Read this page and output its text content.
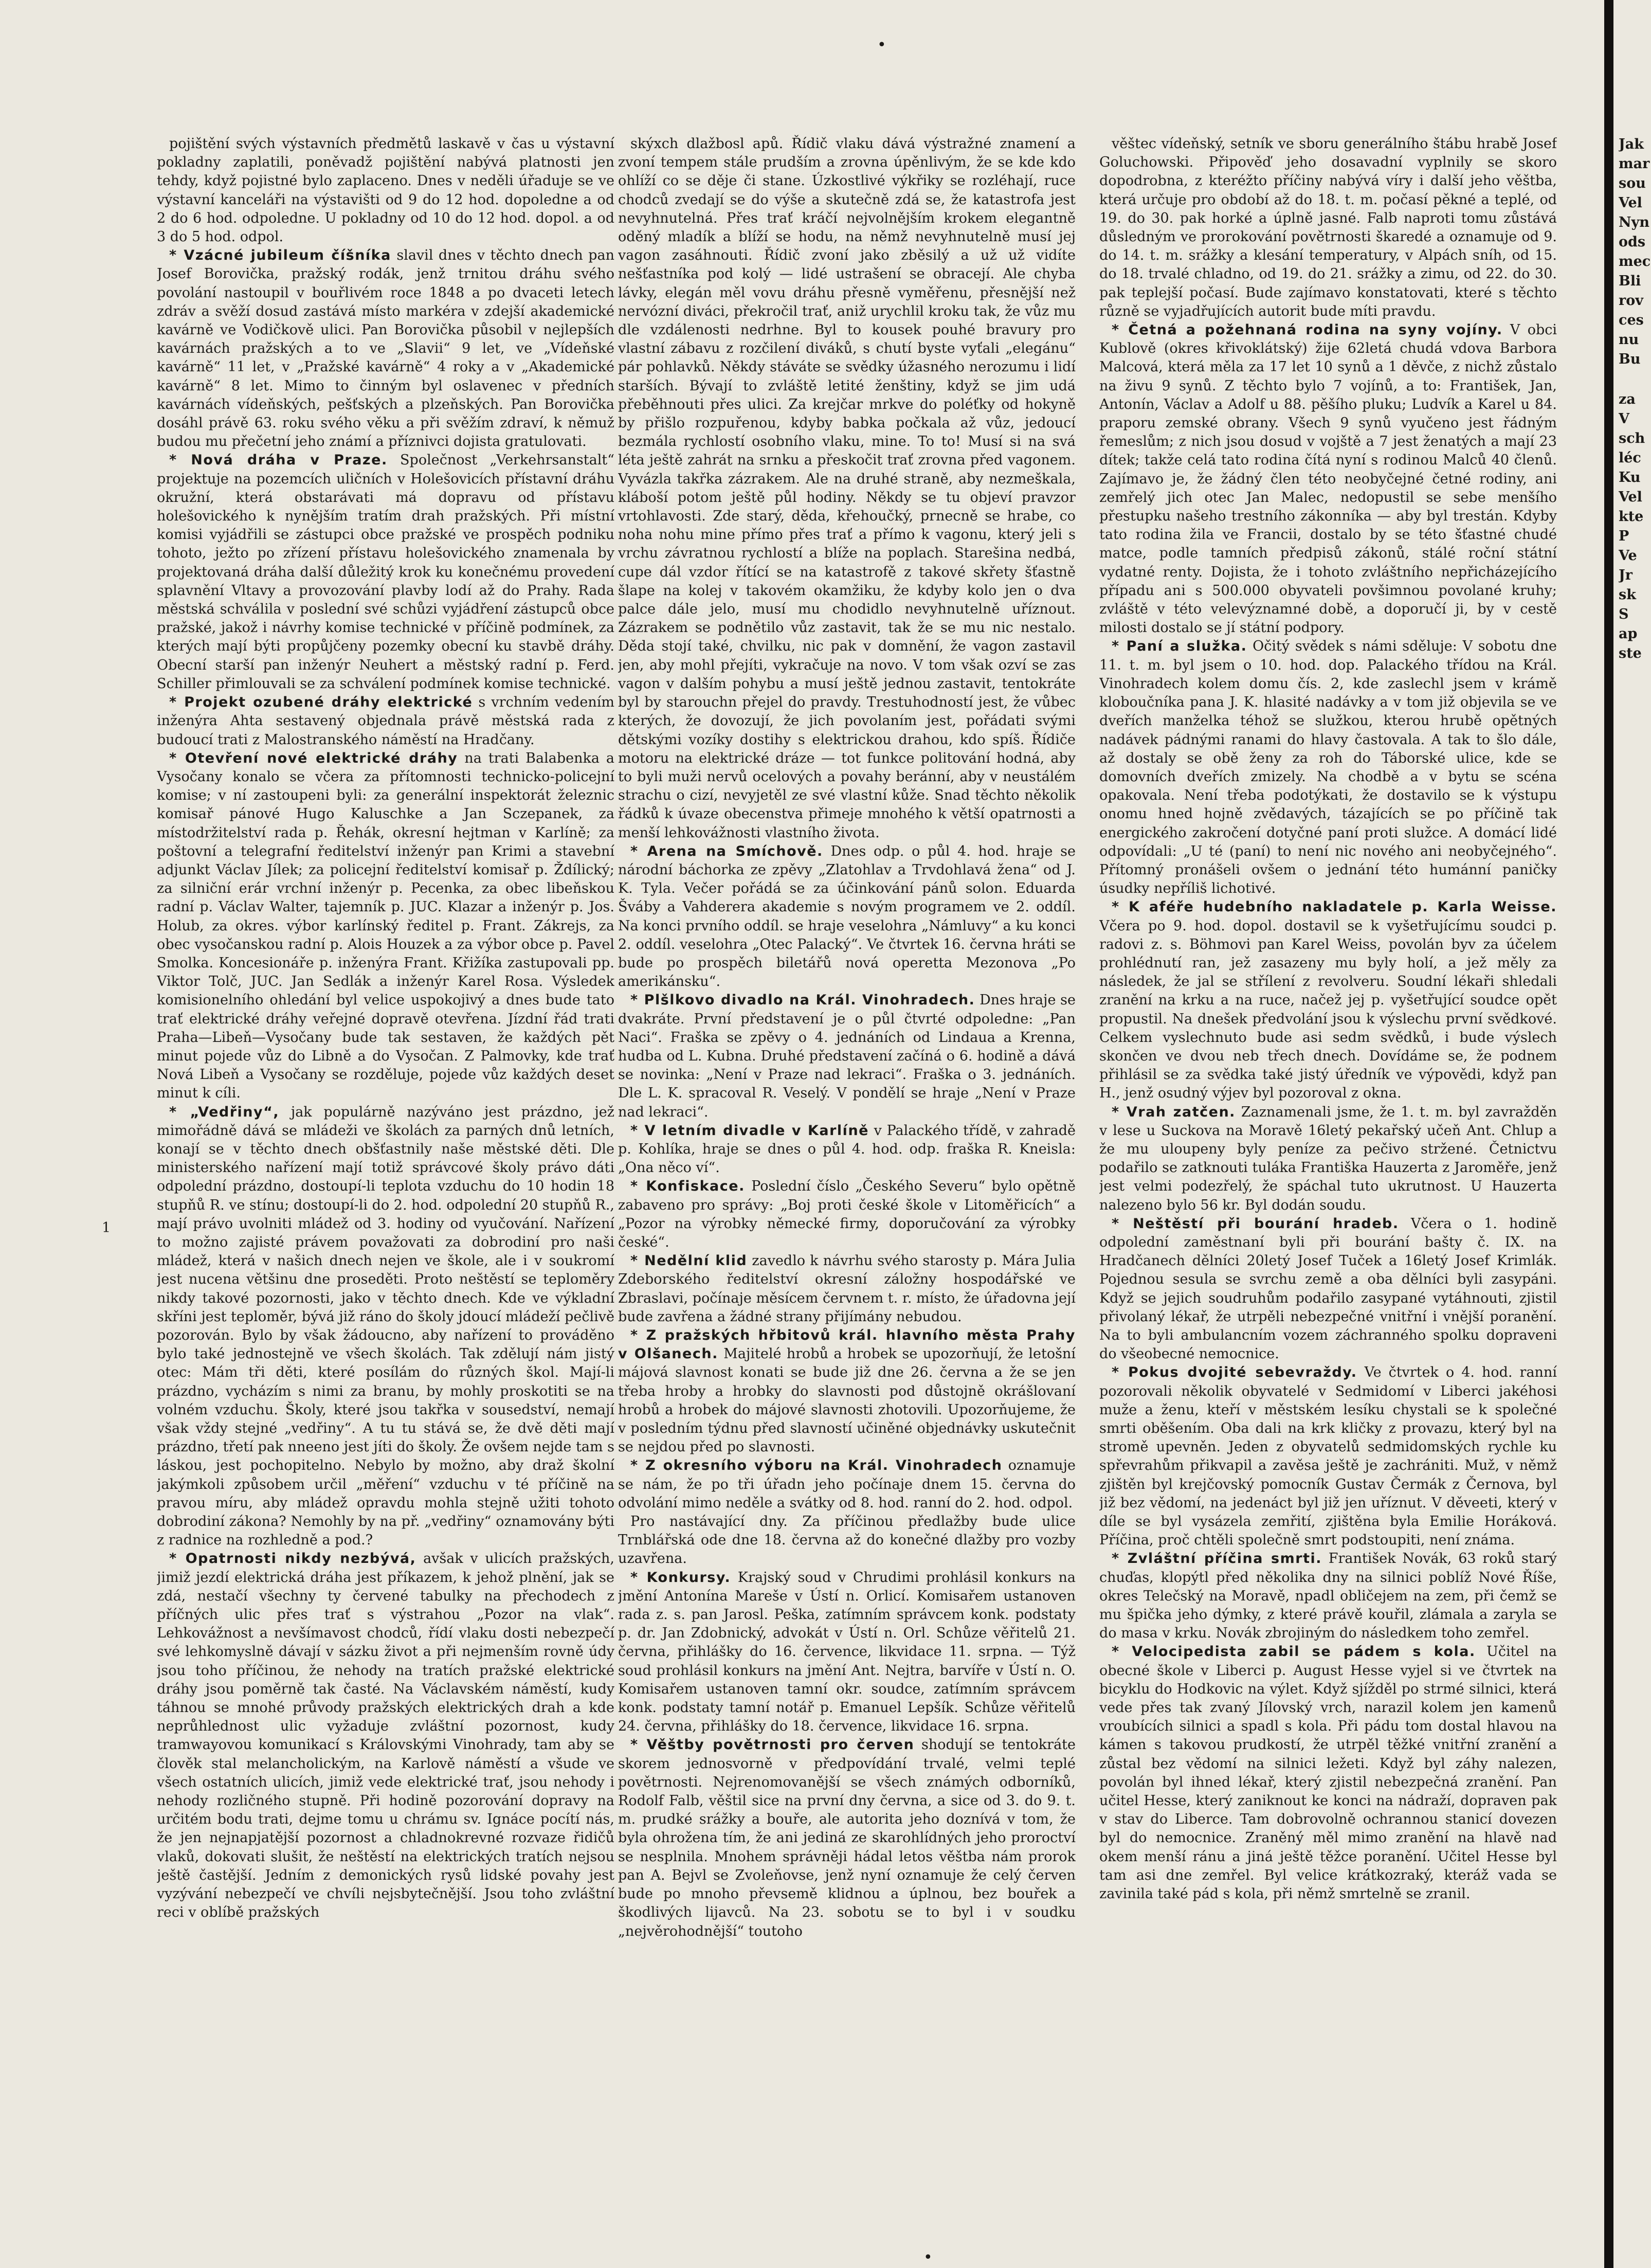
•
1

pojištění svých výstavních předmětů laskavě v čas u výstavní pokladny zaplatili, poněvadž pojištění nabývá platnosti jen tehdy, když pojistné bylo zaplaceno. Dnes v neděli úřaduje se ve výstavní kanceláři na výstavišti od 9 do 12 hod. dopoledne a od 2 do 6 hod. odpoledne. U pokladny od 10 do 12 hod. dopol. a od 3 do 5 hod. odpol.

* Vzácné jubileum číšníka slavil dnes v těchto dnech pan Josef Borovička, pražský rodák, jenž trnitou dráhu svého povolání nastoupil v bouřlivém roce 1848 a po dvaceti letech zdráv a svěží dosud zastává místo markéra v zdejší akademické kavárně ve Vodičkově ulici. Pan Borovička působil v nejlepších kavárnách pražských a to ve „Slavii“ 9 let, ve „Vídeňské kavárně“ 11 let, v „Pražské kavárně“ 4 roky a v „Akademické kavárně“ 8 let. Mimo to činným byl oslavenec v předních kavárnách vídeňských, pešťských a plzeňských. Pan Borovička dosáhl právě 63. roku svého věku a při svěžím zdraví, k němuž budou mu přečetní jeho známí a příznivci dojista gratulovati.

* Nová dráha v Praze. Společnost „Verkehrsanstalt“ projektuje na pozemcích uličních v Holešovicích přístavní dráhu okružní, která obstarávati má dopravu od přístavu holešovického k nynějším tratím drah pražských. Při místní komisi vyjádřili se zástupci obce pražské ve prospěch podniku tohoto, ježto po zřízení přístavu holešovického znamenala by projektovaná dráha další důležitý krok ku konečnému provedení splavnění Vltavy a provozování plavby lodí až do Prahy. Rada městská schválila v poslední své schůzi vyjádření zástupců obce pražské, jakož i návrhy komise technické v příčině podmínek, za kterých mají býti propůjčeny pozemky obecní ku stavbě dráhy. Obecní starší pan inženýr Neuhert a městský radní p. Ferd. Schiller přimlouvali se za schválení podmínek komise technické.

* Projekt ozubené dráhy elektrické s vrchním vedením inženýra Ahta sestavený objednala právě městská rada z budoucí trati z Malostranského náměstí na Hradčany.

* Otevření nové elektrické dráhy na trati Balabenka a Vysočany konalo se včera za přítomnosti technicko-policejní komise; v ní zastoupeni byli: za generální inspektorát železnic komisař pánové Hugo Kaluschke a Jan Sczepanek, za místodržitelství rada p. Řehák, okresní hejtman v Karlíně; za poštovní a telegrafní ředitelství inženýr pan Krimi a stavební adjunkt Václav Jílek; za policejní ředitelství komisař p. Ždílický; za silniční erár vrchní inženýr p. Pecenka, za obec libeňskou radní p. Václav Walter, tajemník p. JUC. Klazar a inženýr p. Jos. Holub, za okres. výbor karlínský ředitel p. Frant. Zákrejs, za obec vysočanskou radní p. Alois Houzek a za výbor obce p. Pavel Smolka. Koncesionáře p. inženýra Frant. Křižíka zastupovali pp. Viktor Tolč, JUC. Jan Sedlák a inženýr Karel Rosa. Výsledek komisionelního ohledání byl velice uspokojivý a dnes bude tato trať elektrické dráhy veřejné dopravě otevřena. Jízdní řád trati Praha—Libeň—Vysočany bude tak sestaven, že každých pět minut pojede vůz do Libně a do Vysočan. Z Palmovky, kde trať Nová Libeň a Vysočany se rozděluje, pojede vůz každých deset minut k cíli.

* „Vedřiny“, jak populárně nazýváno jest prázdno, jež mimořádně dává se mládeži ve školách za parných dnů letních, konají se v těchto dnech obšťastnily naše městské děti. Dle ministerského nařízení mají totiž správcové školy právo dáti odpolední prázdno, dostoupí-li teplota vzduchu do 10 hodin 18 stupňů R. ve stínu; dostoupí-li do 2. hod. odpolední 20 stupňů R., mají právo uvolniti mládež od 3. hodiny od vyučování. Nařízení to možno zajisté právem považovati za dobrodiní pro naši mládež, která v našich dnech nejen ve škole, ale i v soukromí jest nucena většinu dne proseděti. Proto neštěstí se teploměry nikdy takové pozornosti, jako v těchto dnech. Kde ve výkladní skříni jest teploměr, bývá již ráno do školy jdoucí mládeží pečlivě pozorován. Bylo by však žádoucno, aby nařízení to prováděno bylo také jednostejně ve všech školách. Tak zdělují nám jistý otec: Mám tři děti, které posílám do různých škol. Mají-li prázdno, vycházím s nimi za branu, by mohly proskotiti se na volném vzduchu. Školy, které jsou takřka v sousedství, nemají však vždy stejné „vedřiny“. A tu tu stává se, že dvě děti mají prázdno, třetí pak nneeno jest jíti do školy. Že ovšem nejde tam s láskou, jest pochopitelno. Nebylo by možno, aby draž školní jakýmkoli způsobem určil „měření“ vzduchu v té příčině na pravou míru, aby mládež opravdu mohla stejně užiti tohoto dobrodiní zákona? Nemohly by na př. „vedřiny“ oznamovány býti z radnice na rozhledně a pod.?

* Opatrnosti nikdy nezbývá, avšak v ulicích pražských, jimiž jezdí elektrická dráha jest příkazem, k jehož plnění, jak se zdá, nestačí všechny ty červené tabulky na přechodech z příčných ulic přes trať s výstrahou „Pozor na vlak“. Lehkovážnost a nevšímavost chodců, řídí vlaku dosti nebezpečí své lehkomyslně dávají v sázku život a při nejmenším rovně údy jsou toho příčinou, že nehody na tratích pražské elektrické dráhy jsou poměrně tak časté. Na Václavském náměstí, kudy táhnou se mnohé průvody pražských elektrických drah a kde neprůhlednost ulic vyžaduje zvláštní pozornost, kudy tramwayovou komunikací s Královskými Vinohrady, tam aby se člověk stal melancholickým, na Karlově náměstí a všude ve všech ostatních ulicích, jimiž vede elektrické trať, jsou nehody i nehody rozličného stupně. Při hodině pozorování dopravy na určitém bodu trati, dejme tomu u chrámu sv. Ignáce pocítí nás, že jen nejnapjatější pozornost a chladnokrevné rozvaze řidičů vlaků, dokovati slušit, že neštěstí na elektrických tratích nejsou ještě častější. Jedním z demonických rysů lidské povahy jest vyzývání nebezpečí ve chvíli nejsbytečnější. Jsou toho zvláštní reci v oblíbě pražských

skýxch dlažbosl apů. Řídič vlaku dává výstražné znamení a zvoní tempem stále prudším a zrovna úpěnlivým, že se kde kdo ohlíží co se děje či stane. Úzkostlivé výkřiky se rozléhají, ruce chodců zvedají se do výše a skutečně zdá se, že katastrofa jest nevyhnutelná. Přes trať kráčí nejvolnějším krokem elegantně oděný mladík a blíží se hodu, na němž nevyhnutelně musí jej vagon zasáhnouti. Řídič zvoní jako zběsilý a už už vidíte nešťastníka pod kolý — lidé ustrašení se obracejí. Ale chyba lávky, elegán měl vovu dráhu přesně vyměřenu, přesnější než nervózní diváci, překročil trať, aniž urychlil kroku tak, že vůz mu dle vzdálenosti nedrhne. Byl to kousek pouhé bravury pro vlastní zábavu z rozčilení diváků, s chutí byste vyťali „elegánu“ pár pohlavků. Někdy stáváte se svědky úžasného nerozumu i lidí starších. Bývají to zvláště letité ženštiny, když se jim udá přeběhnouti přes ulici. Za krejčar mrkve do poléťky od hokyně by přišlo rozpuřenou, kdyby babka počkala až vůz, jedoucí bezmála rychlostí osobního vlaku, mine. To to! Musí si na svá léta ještě zahrát na srnku a přeskočit trať zrovna před vagonem. Vyvázla takřka zázrakem. Ale na druhé straně, aby nezmeškala, kláboší potom ještě půl hodiny. Někdy se tu objeví pravzor vrtohlavosti. Zde starý, děda, křehoučký, prnecně se hrabe, co noha nohu mine přímo přes trať a přímo k vagonu, který jeli s vrchu závratnou rychlostí a blíže na poplach. Starešina nedbá, cupe dál vzdor řítící se na katastrofě z takové skřety šťastně šlape na kolej v takovém okamžiku, že kdyby kolo jen o dva palce dále jelo, musí mu chodidlo nevyhnutelně uříznout. Zázrakem se podnětilo vůz zastavit, tak že se mu nic nestalo. Děda stojí také, chvilku, nic pak v domnění, že vagon zastavil jen, aby mohl přejíti, vykračuje na novo. V tom však ozví se zas vagon v dalším pohybu a musí ještě jednou zastavit, tentokráte byl by starouchn přejel do pravdy. Trestuhodností jest, že vůbec kterých, že dovozují, že jich povolaním jest, pořádati svými dětskými vozíky dostihy s elektrickou drahou, kdo spíš. Řídiče motoru na elektrické dráze — tot funkce politování hodná, aby to byli muži nervů ocelových a povahy beránní, aby v neustálém strachu o cizí, nevyjetěl ze své vlastní kůže. Snad těchto několik řádků k úvaze obecenstva přimeje mnohého k větší opatrnosti a menší lehkovážnosti vlastního života.

* Arena na Smíchově. Dnes odp. o půl 4. hod. hraje se národní báchorka ze zpěvy „Zlatohlav a Trvdohlavá žena“ od J. K. Tyla. Večer pořádá se za účinkování pánů solon. Eduarda Šváby a Vahderera akademie s novým programem ve 2. oddíl. Na konci prvního oddíl. se hraje veselohra „Námluvy“ a ku konci 2. oddíl. veselohra „Otec Palacký“. Ve čtvrtek 16. června hráti se bude po prospěch biletářů nová operetta Mezonova „Po amerikánsku“.

* Plšlkovo divadlo na Král. Vinohradech. Dnes hraje se dvakráte. První představení je o půl čtvrté odpoledne: „Pan Naci“. Fraška se zpěvy o 4. jednáních od Lindaua a Krenna, hudba od L. Kubna. Druhé představení začíná o 6. hodině a dává se novinka: „Není v Praze nad lekraci“. Fraška o 3. jednáních. Dle L. K. spracoval R. Veselý. V pondělí se hraje „Není v Praze nad lekraci“.

* V letním divadle v Karlíně v Palackého třídě, v zahradě p. Kohlíka, hraje se dnes o půl 4. hod. odp. fraška R. Kneisla: „Ona něco ví“.

* Konfiskace. Poslední číslo „Českého Severu“ bylo opětně zabaveno pro správy: „Boj proti české škole v Litoměřicích“ a „Pozor na výrobky německé firmy, doporučování za výrobky české“.

* Nedělní klid zavedlo k návrhu svého starosty p. Mára Julia Zdeborského ředitelství okresní záložny hospodářské ve Zbraslavi, počínaje měsícem červnem t. r. místo, že úřadovna její bude zavřena a žádné strany přijímány nebudou.

* Z pražských hřbitovů král. hlavního města Prahy v Olšanech. Majitelé hrobů a hrobek se upozorňují, že letošní májová slavnost konati se bude již dne 26. června a že se jen třeba hroby a hrobky do slavnosti pod důstojně okrášlovaní hrobů a hrobek do májové slavnosti zhotovili. Upozorňujeme, že v posledním týdnu před slavností učiněné objednávky uskutečnit se nejdou před po slavnosti.

* Z okresního výboru na Král. Vinohradech oznamuje se nám, že po tři úřadn jeho počínaje dnem 15. června do odvolání mimo neděle a svátky od 8. hod. ranní do 2. hod. odpol.

Pro nastávající dny. Za příčinou předlažby bude ulice Trnblářská ode dne 18. června až do konečné dlažby pro vozby uzavřena.

* Konkursy. Krajský soud v Chrudimi prohlásil konkurs na jmění Antonína Mareše v Ústí n. Orlicí. Komisařem ustanoven rada z. s. pan Jarosl. Peška, zatímním správcem konk. podstaty p. dr. Jan Zdobnický, advokát v Ústí n. Orl. Schůze věřitelů 21. června, přihlášky do 16. července, likvidace 11. srpna. — Týž soud prohlásil konkurs na jmění Ant. Nejtra, barvíře v Ústí n. O. Komisařem ustanoven tamní okr. soudce, zatímním správcem konk. podstaty tamní notář p. Emanuel Lepšík. Schůze věřitelů 24. června, přihlášky do 18. července, likvidace 16. srpna.

* Věštby povětrnosti pro červen shodují se tentokráte skorem jednosvorně v předpovídání trvalé, velmi teplé povětrnosti. Nejrenomovanější se všech známých odborníků, Rodolf Falb, věštil sice na první dny června, a sice od 3. do 9. t. m. prudké srážky a bouře, ale autorita jeho doznívá v tom, že byla ohrožena tím, že ani jediná ze skarohlídných jeho proroctví se nesplnila. Mnohem správněji hádal letos věštba nám prorok pan A. Bejvl se Zvoleňovse, jenž nyní oznamuje že celý červen bude po mnoho převsemě klidnou a úplnou, bez bouřek a škodlivých lijavců. Na 23. sobotu se to byl i v soudku „nejvěrohodnější“ toutoho

věštec vídeňský, setník ve sboru generálního štábu hrabě Josef Goluchowski. Připověď jeho dosavadní vyplnily se skoro dopodrobna, z kteréžto příčiny nabývá víry i další jeho věštba, která určuje pro období až do 18. t. m. počasí pěkné a teplé, od 19. do 30. pak horké a úplně jasné. Falb naproti tomu zůstává důsledným ve prorokování povětrnosti škaredé a oznamuje od 9. do 14. t. m. srážky a klesání temperatury, v Alpách sníh, od 15. do 18. trvalé chladno, od 19. do 21. srážky a zimu, od 22. do 30. pak teplejší počasí. Bude zajímavo konstatovati, které s těchto různě se vyjadřujících autorit bude míti pravdu.

* Četná a požehnaná rodina na syny vojíny. V obci Kublově (okres křivoklátský) žije 62letá chudá vdova Barbora Malcová, která měla za 17 let 10 synů a 1 děvče, z nichž zůstalo na živu 9 synů. Z těchto bylo 7 vojínů, a to: František, Jan, Antonín, Václav a Adolf u 88. pěšího pluku; Ludvík a Karel u 84. praporu zemské obrany. Všech 9 synů vyučeno jest řádným řemeslům; z nich jsou dosud v vojště a 7 jest ženatých a mají 23 dítek; takže celá tato rodina čítá nyní s rodinou Malců 40 členů. Zajímavo je, že žádný člen této neobyčejné četné rodiny, ani zemřelý jich otec Jan Malec, nedopustil se sebe menšího přestupku našeho trestního zákonníka — aby byl trestán. Kdyby tato rodina žila ve Francii, dostalo by se této šťastné chudé matce, podle tamních předpisů zákonů, stálé roční státní vydatné renty. Dojista, že i tohoto zvláštního nepřicházejícího případu ani s 500.000 obyvateli povšimnou povolané kruhy; zvláště v této velevýznamné době, a doporučí ji, by v cestě milosti dostalo se jí státní podpory.

* Paní a služka. Očitý svědek s námi sděluje: V sobotu dne 11. t. m. byl jsem o 10. hod. dop. Palackého třídou na Král. Vinohradech kolem domu čís. 2, kde zaslechl jsem v krámě kloboučníka pana J. K. hlasité nadávky a v tom již objevila se ve dveřích manželka téhož se služkou, kterou hrubě opětných nadávek pádnými ranami do hlavy častovala. A tak to šlo dále, až dostaly se obě ženy za roh do Táborské ulice, kde se domovních dveřích zmizely. Na chodbě a v bytu se scéna opakovala. Není třeba podotýkati, že dostavilo se k výstupu onomu hned hojně zvědavých, tázajících se po příčině tak energického zakročení dotyčné paní proti služce. A domácí lidé odpovídali: „U té (paní) to není nic nového ani neobyčejného“. Přítomný pronášeli ovšem o jednání této humánní paničky úsudky nepříliš lichotivé.

* K aféře hudebního nakladatele p. Karla Weisse. Včera po 9. hod. dopol. dostavil se k vyšetřujícímu soudci p. radovi z. s. Böhmovi pan Karel Weiss, povolán byv za účelem prohlédnutí ran, jež zasazeny mu byly holí, a jež měly za následek, že jal se střílení z revolveru. Soudní lékaři shledali zranění na krku a na ruce, načež jej p. vyšetřující soudce opět propustil. Na dnešek předvolání jsou k výslechu první svědkové. Celkem vyslechnuto bude asi sedm svědků, i bude výslech skončen ve dvou neb třech dnech. Dovídáme se, že podnem přihlásil se za svědka také jistý úředník ve výpovědi, když pan H., jenž osudný výjev byl pozoroval z okna.

* Vrah zatčen. Zaznamenali jsme, že 1. t. m. byl zavražděn v lese u Suckova na Moravě 16letý pekařský učeň Ant. Chlup a že mu uloupeny byly peníze za pečivo stržené. Četnictvu podařilo se zatknouti tuláka Františka Hauzerta z Jaroměře, jenž jest velmi podezřelý, že spáchal tuto ukrutnost. U Hauzerta nalezeno bylo 56 kr. Byl dodán soudu.

* Neštěstí při bourání hradeb. Včera o 1. hodině odpolední zaměstnaní byli při bourání bašty č. IX. na Hradčanech dělníci 20letý Josef Tuček a 16letý Josef Krimlák. Pojednou sesula se svrchu země a oba dělníci byli zasypáni. Když se jejich soudruhům podařilo zasypané vytáhnouti, zjistil přivolaný lékař, že utrpěli nebezpečné vnitřní i vnější poranění. Na to byli ambulancním vozem záchranného spolku dopraveni do všeobecné nemocnice.

* Pokus dvojité sebevraždy. Ve čtvrtek o 4. hod. ranní pozorovali několik obyvatelé v Sedmidomí v Liberci jakéhosi muže a ženu, kteří v městském lesíku chystali se k společné smrti oběšením. Oba dali na krk kličky z provazu, který byl na stromě upevněn. Jeden z obyvatelů sedmidomských rychle ku spřevrahům přikvapil a zavěsa ještě je zachrániti. Muž, v němž zjištěn byl krejčovský pomocník Gustav Čermák z Černova, byl již bez vědomí, na jedenáct byl již jen uříznut. V děveeti, který v díle se byl vysázela zemřití, zjištěna byla Emilie Horáková. Příčina, proč chtěli společně smrt podstoupiti, není známa.

* Zvláštní příčina smrti. František Novák, 63 roků starý chuďas, klopýtl před několika dny na silnici poblíž Nové Říše, okres Telečský na Moravě, npadl obličejem na zem, při čemž se mu špička jeho dýmky, z které právě kouřil, zlámala a zaryla se do masa v krku. Novák zbrojiným do následkem toho zemřel.

* Velocipedista zabil se pádem s kola. Učitel na obecné škole v Liberci p. August Hesse vyjel si ve čtvrtek na bicyklu do Hodkovic na výlet. Když sjížděl po strmé silnici, která vede přes tak zvaný Jílovský vrch, narazil kolem jen kamenů vroubících silnici a spadl s kola. Při pádu tom dostal hlavou na kámen s takovou prudkostí, že utrpěl těžké vnitřní zranění a zůstal bez vědomí na silnici ležeti. Když byl záhy nalezen, povolán byl ihned lékař, který zjistil nebezpečná zranění. Pan učitel Hesse, který zaniknout ke konci na nádraží, dopraven pak v stav do Liberce. Tam dobrovolně ochrannou stanicí dovezen byl do nemocnice. Zraněný měl mimo zranění na hlavě nad okem menší ránu a jiná ještě těžce poranění. Učitel Hesse byl tam asi dne zemřel. Byl velice krátkozraký, kteráž vada se zavinila také pád s kola, při němž smrtelně se zranil.

Jak
mar
sou
Vel
Nyn
ods
mec
Bli
rov
ces
nu
Bu
za
V
sch
léc
Ku
Vel
kte
P
Ve
Jr
sk
S
ap
ste
•
